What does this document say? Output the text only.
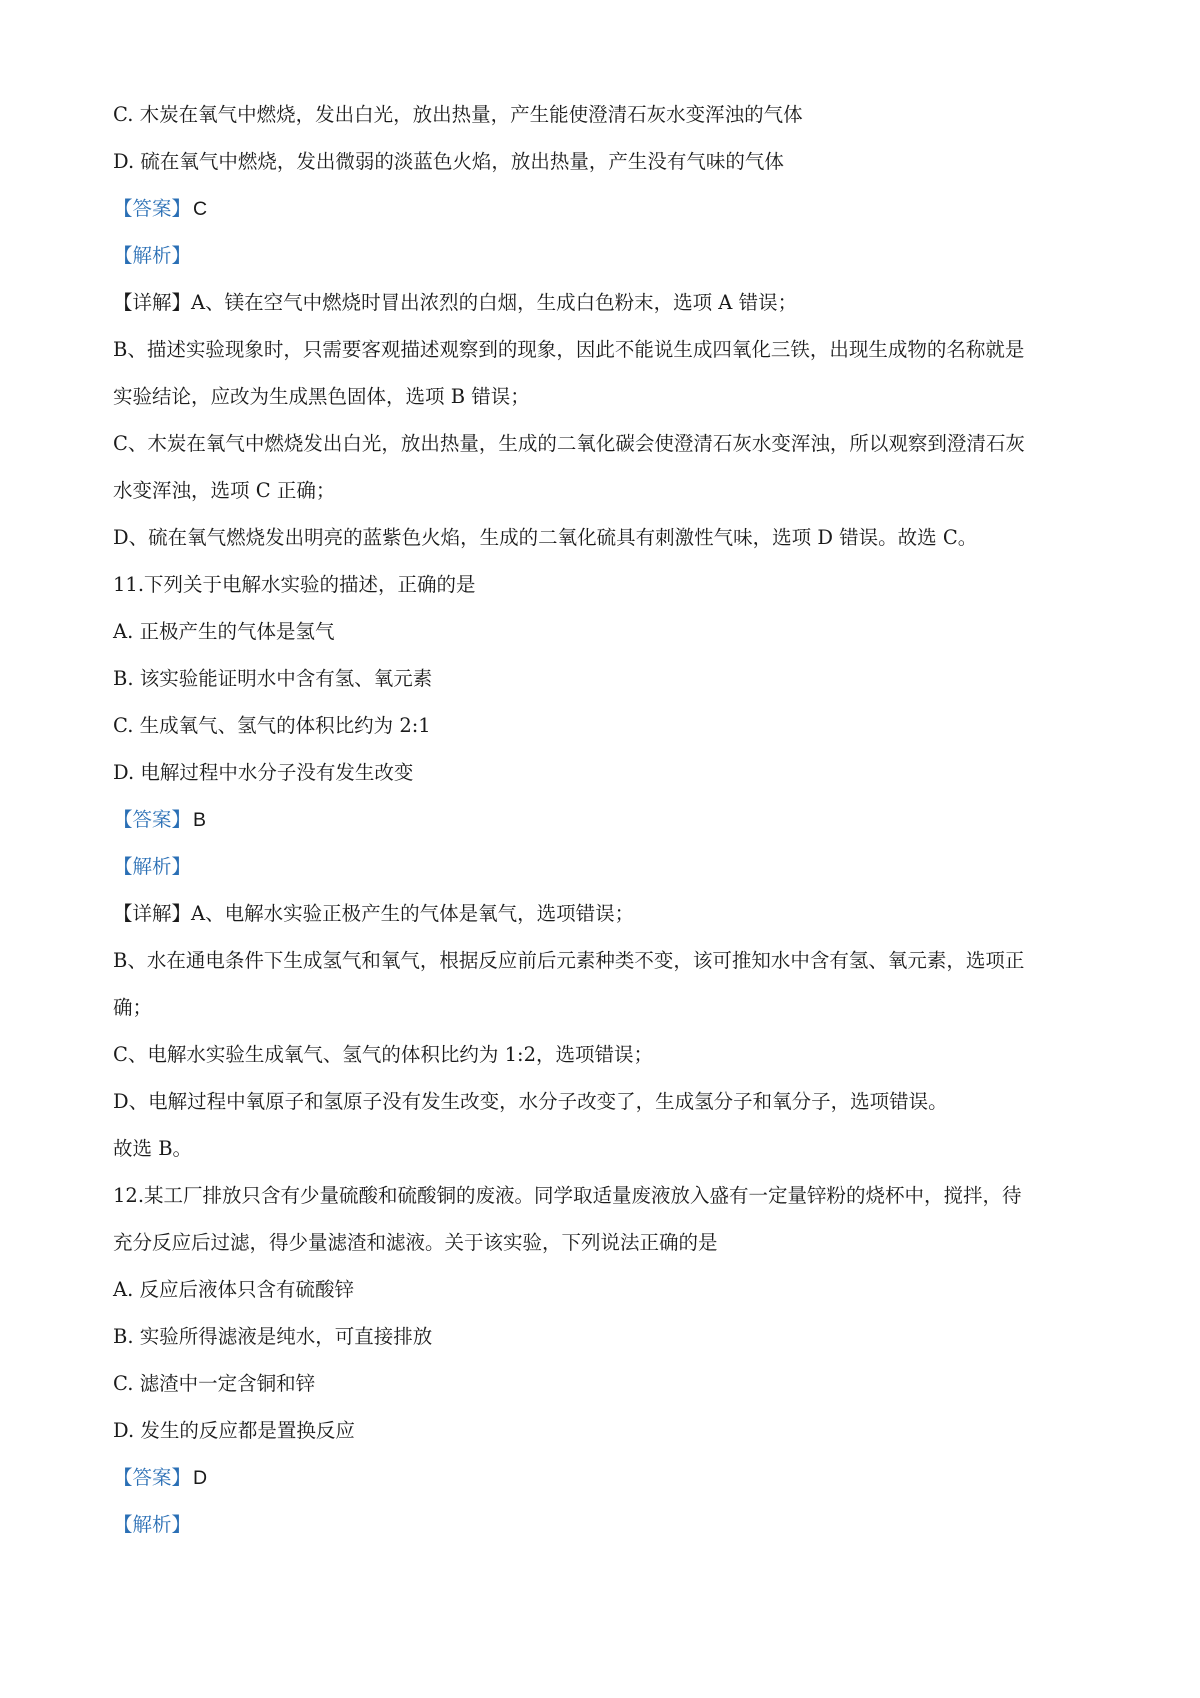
C. 木炭在氧气中燃烧，发出白光，放出热量，产生能使澄清石灰水变浑浊的气体
D. 硫在氧气中燃烧，发出微弱的淡蓝色火焰，放出热量，产生没有气味的气体
【答案】 C
【解析】
【详解】A、镁在空气中燃烧时冒出浓烈的白烟，生成白色粉末，选项 A 错误；
B、描述实验现象时，只需要客观描述观察到的现象，因此不能说生成四氧化三铁，出现生成物的名称就是
实验结论，应改为生成黑色固体，选项 B 错误；
C、木炭在氧气中燃烧发出白光，放出热量，生成的二氧化碳会使澄清石灰水变浑浊，所以观察到澄清石灰
水变浑浊，选项 C 正确；
D、硫在氧气燃烧发出明亮的蓝紫色火焰，生成的二氧化硫具有刺激性气味，选项 D 错误。故选 C。
11.下列关于电解水实验的描述，正确的是
A. 正极产生的气体是氢气
B. 该实验能证明水中含有氢、氧元素
C. 生成氧气、氢气的体积比约为 2:1
D. 电解过程中水分子没有发生改变
【答案】 B
【解析】
【详解】A、电解水实验正极产生的气体是氧气，选项错误；
B、水在通电条件下生成氢气和氧气，根据反应前后元素种类不变，该可推知水中含有氢、氧元素，选项正
确；
C、电解水实验生成氧气、氢气的体积比约为 1:2，选项错误；
D、电解过程中氧原子和氢原子没有发生改变，水分子改变了，生成氢分子和氧分子，选项错误。
故选 B。
12.某工厂排放只含有少量硫酸和硫酸铜的废液。同学取适量废液放入盛有一定量锌粉的烧杯中，搅拌，待
充分反应后过滤，得少量滤渣和滤液。关于该实验，下列说法正确的是
A. 反应后液体只含有硫酸锌
B. 实验所得滤液是纯水，可直接排放
C. 滤渣中一定含铜和锌
D. 发生的反应都是置换反应
【答案】 D
【解析】
